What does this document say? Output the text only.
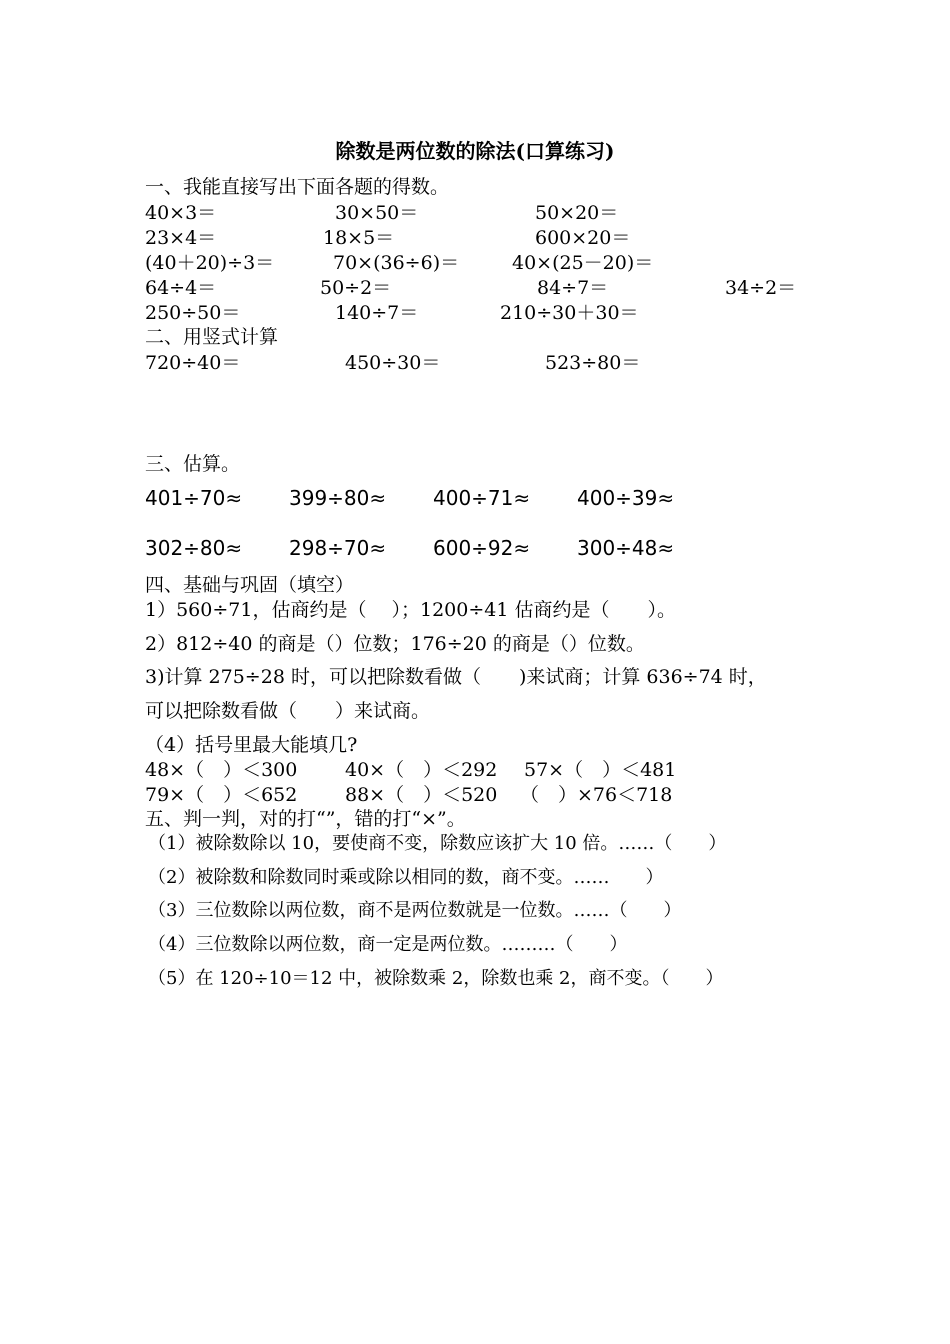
除数是两位数的除法(口算练习)
一、我能直接写出下面各题的得数。
40×3＝	30×50＝	50×20＝
23×4＝	18×5＝	600×20＝
(40＋20)÷3＝	70×(36÷6)＝	40×(25－20)＝
64÷4＝	50÷2＝	84÷7＝	34÷2＝
250÷50＝	140÷7＝	210÷30＋30＝
二、用竖式计算
720÷40＝	450÷30＝	523÷80＝
三、估算。
401÷70≈ 399÷80≈ 400÷71≈ 400÷39≈
302÷80≈ 298÷70≈ 600÷92≈ 300÷48≈
四、基础与巩固（填空）
1）560÷71，估商约是（　 ）；1200÷41 估商约是（　　）。
2）812÷40 的商是（）位数；176÷20 的商是（）位数。
3)计算 275÷28 时，可以把除数看做（　　)来试商；计算 636÷74 时，
可以把除数看做（　　）来试商。
（4）括号里最大能填几?
48×（　）＜300	40×（　）＜292 57×（　）＜481
79×（　）＜652	88×（　）＜520 （　）×76＜718
五、判一判，对的打“”，错的打“×”。
（1）被除数除以 10，要使商不变，除数应该扩大 10 倍。……（　　）
（2）被除数和除数同时乘或除以相同的数，商不变。……　　）
（3）三位数除以两位数，商不是两位数就是一位数。……（　　）
（4）三位数除以两位数，商一定是两位数。………（　　）
（5）在 120÷10＝12 中，被除数乘 2，除数也乘 2，商不变。（　　）
